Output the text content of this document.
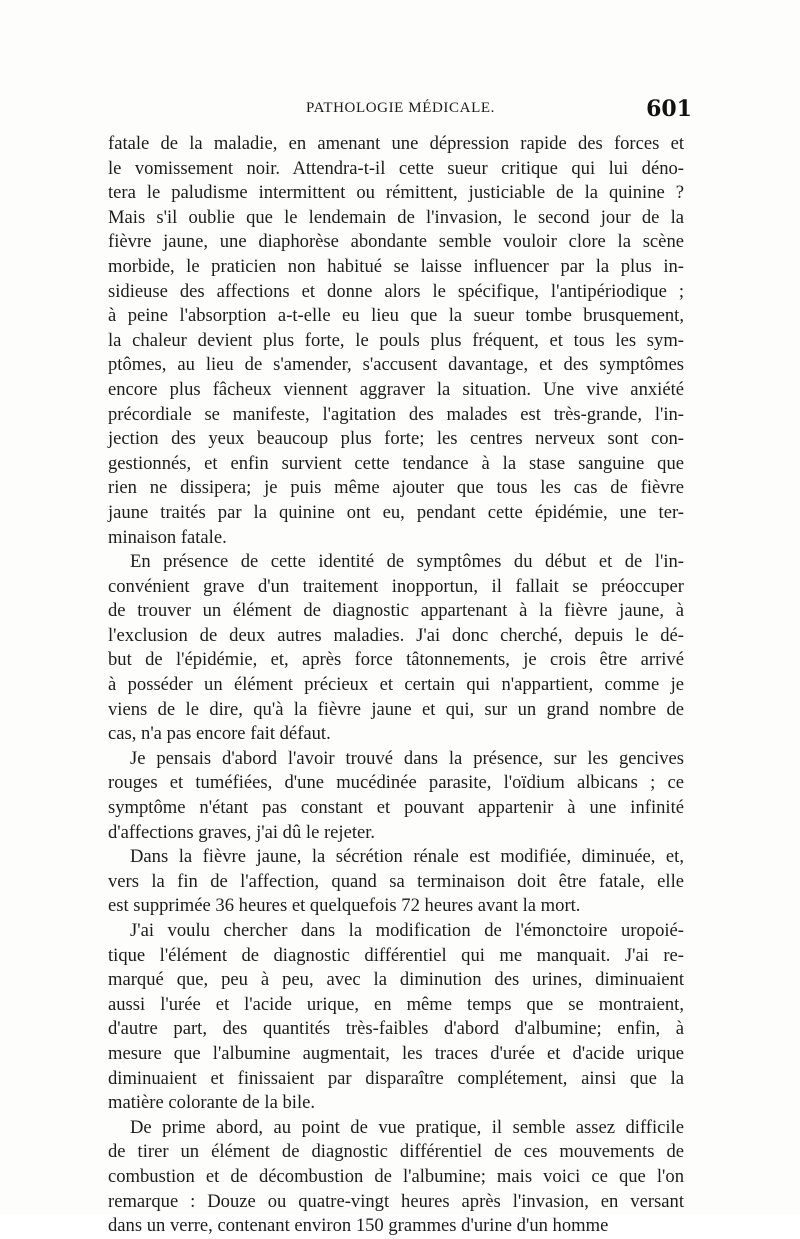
PATHOLOGIE MÉDICALE.	601
fatale de la maladie, en amenant une dépression rapide des forces et
le vomissement noir. Attendra-t-il cette sueur critique qui lui déno-
tera le paludisme intermittent ou rémittent, justiciable de la quinine ?
Mais s'il oublie que le lendemain de l'invasion, le second jour de la
fièvre jaune, une diaphorèse abondante semble vouloir clore la scène
morbide, le praticien non habitué se laisse influencer par la plus in-
sidieuse des affections et donne alors le spécifique, l'antipériodique ;
à peine l'absorption a-t-elle eu lieu que la sueur tombe brusquement,
la chaleur devient plus forte, le pouls plus fréquent, et tous les sym-
ptômes, au lieu de s'amender, s'accusent davantage, et des symptômes
encore plus fâcheux viennent aggraver la situation. Une vive anxiété
précordiale se manifeste, l'agitation des malades est très-grande, l'in-
jection des yeux beaucoup plus forte; les centres nerveux sont con-
gestionnés, et enfin survient cette tendance à la stase sanguine que
rien ne dissipera; je puis même ajouter que tous les cas de fièvre
jaune traités par la quinine ont eu, pendant cette épidémie, une ter-
minaison fatale.
En présence de cette identité de symptômes du début et de l'in-
convénient grave d'un traitement inopportun, il fallait se préoccuper
de trouver un élément de diagnostic appartenant à la fièvre jaune, à
l'exclusion de deux autres maladies. J'ai donc cherché, depuis le dé-
but de l'épidémie, et, après force tâtonnements, je crois être arrivé
à posséder un élément précieux et certain qui n'appartient, comme je
viens de le dire, qu'à la fièvre jaune et qui, sur un grand nombre de
cas, n'a pas encore fait défaut.
Je pensais d'abord l'avoir trouvé dans la présence, sur les gencives
rouges et tuméfiées, d'une mucédinée parasite, l'oïdium albicans ; ce
symptôme n'étant pas constant et pouvant appartenir à une infinité
d'affections graves, j'ai dû le rejeter.
Dans la fièvre jaune, la sécrétion rénale est modifiée, diminuée, et,
vers la fin de l'affection, quand sa terminaison doit être fatale, elle
est supprimée 36 heures et quelquefois 72 heures avant la mort.
J'ai voulu chercher dans la modification de l'émonctoire uropoié-
tique l'élément de diagnostic différentiel qui me manquait. J'ai re-
marqué que, peu à peu, avec la diminution des urines, diminuaient
aussi l'urée et l'acide urique, en même temps que se montraient,
d'autre part, des quantités très-faibles d'abord d'albumine; enfin, à
mesure que l'albumine augmentait, les traces d'urée et d'acide urique
diminuaient et finissaient par disparaître complétement, ainsi que la
matière colorante de la bile.
De prime abord, au point de vue pratique, il semble assez difficile
de tirer un élément de diagnostic différentiel de ces mouvements de
combustion et de décombustion de l'albumine; mais voici ce que l'on
remarque : Douze ou quatre-vingt heures après l'invasion, en versant
dans un verre, contenant environ 150 grammes d'urine d'un homme
